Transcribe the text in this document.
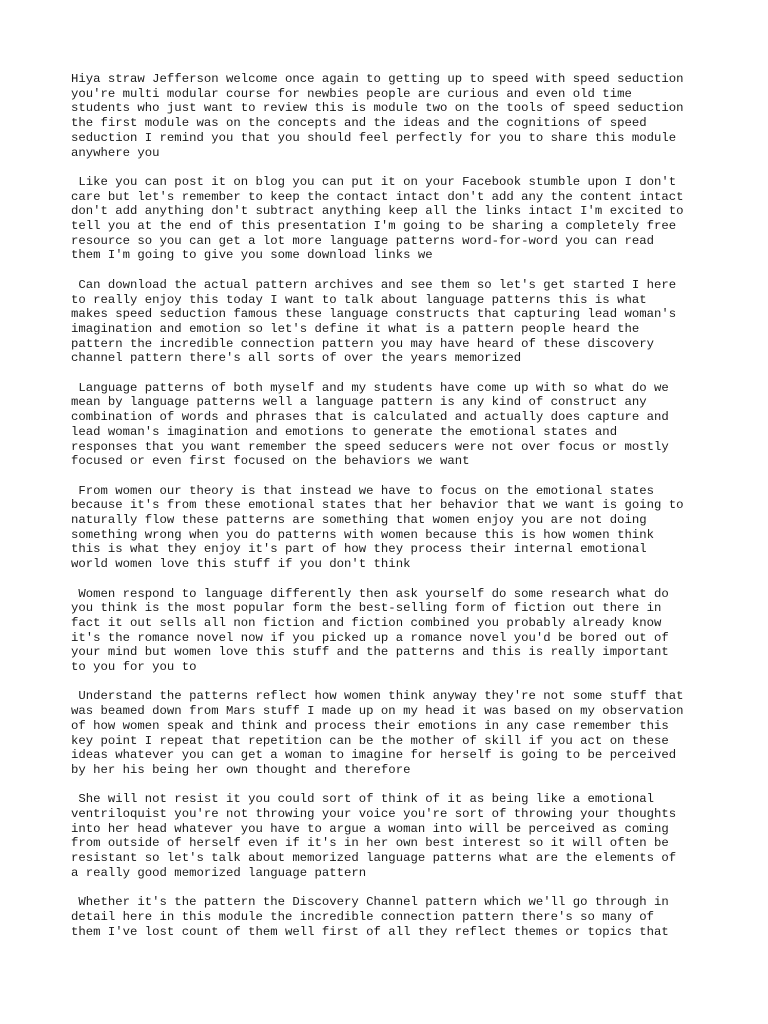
Hiya straw Jefferson welcome once again to getting up to speed with speed seduction
you're multi modular course for newbies people are curious and even old time
students who just want to review this is module two on the tools of speed seduction
the first module was on the concepts and the ideas and the cognitions of speed
seduction I remind you that you should feel perfectly for you to share this module
anywhere you

Like you can post it on blog you can put it on your Facebook stumble upon I don't
care but let's remember to keep the contact intact don't add any the content intact
don't add anything don't subtract anything keep all the links intact I'm excited to
tell you at the end of this presentation I'm going to be sharing a completely free
resource so you can get a lot more language patterns word-for-word you can read
them I'm going to give you some download links we

Can download the actual pattern archives and see them so let's get started I here
to really enjoy this today I want to talk about language patterns this is what
makes speed seduction famous these language constructs that capturing lead woman's
imagination and emotion so let's define it what is a pattern people heard the
pattern the incredible connection pattern you may have heard of these discovery
channel pattern there's all sorts of over the years memorized

Language patterns of both myself and my students have come up with so what do we
mean by language patterns well a language pattern is any kind of construct any
combination of words and phrases that is calculated and actually does capture and
lead woman's imagination and emotions to generate the emotional states and
responses that you want remember the speed seducers were not over focus or mostly
focused or even first focused on the behaviors we want

From women our theory is that instead we have to focus on the emotional states
because it's from these emotional states that her behavior that we want is going to
naturally flow these patterns are something that women enjoy you are not doing
something wrong when you do patterns with women because this is how women think
this is what they enjoy it's part of how they process their internal emotional
world women love this stuff if you don't think

Women respond to language differently then ask yourself do some research what do
you think is the most popular form the best-selling form of fiction out there in
fact it out sells all non fiction and fiction combined you probably already know
it's the romance novel now if you picked up a romance novel you'd be bored out of
your mind but women love this stuff and the patterns and this is really important
to you for you to

Understand the patterns reflect how women think anyway they're not some stuff that
was beamed down from Mars stuff I made up on my head it was based on my observation
of how women speak and think and process their emotions in any case remember this
key point I repeat that repetition can be the mother of skill if you act on these
ideas whatever you can get a woman to imagine for herself is going to be perceived
by her his being her own thought and therefore

She will not resist it you could sort of think of it as being like a emotional
ventriloquist you're not throwing your voice you're sort of throwing your thoughts
into her head whatever you have to argue a woman into will be perceived as coming
from outside of herself even if it's in her own best interest so it will often be
resistant so let's talk about memorized language patterns what are the elements of
a really good memorized language pattern

Whether it's the pattern the Discovery Channel pattern which we'll go through in
detail here in this module the incredible connection pattern there's so many of
them I've lost count of them well first of all they reflect themes or topics that
